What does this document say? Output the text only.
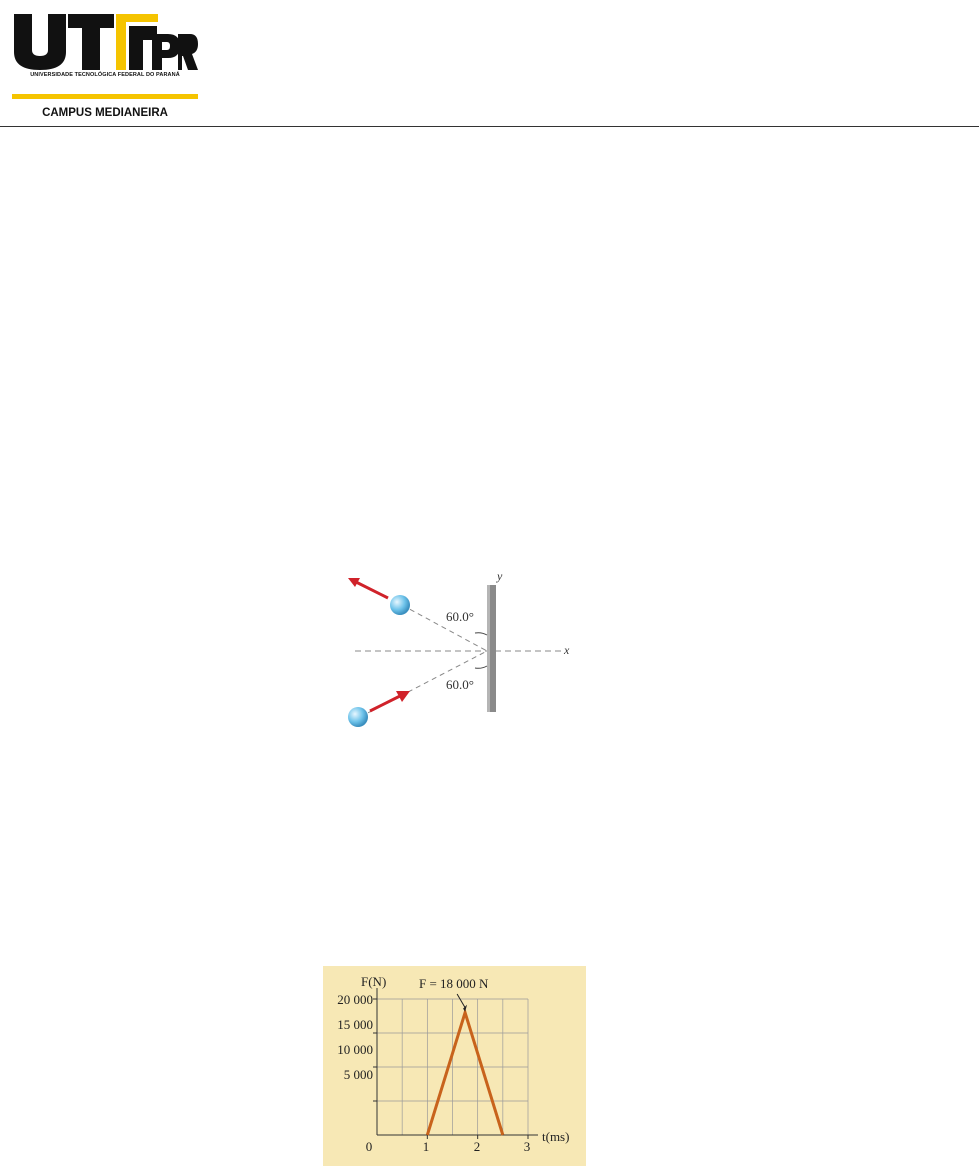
UNIVERSIDADE TECNOLÓGICA FEDERAL DO PARANÁ
CAMPUS MEDIANEIRA
y
x
60.0°
60.0°
F(N)	F = 18 000 N
t(ms)
20 000
15 000
10 000
5 000
0	1	2	3
